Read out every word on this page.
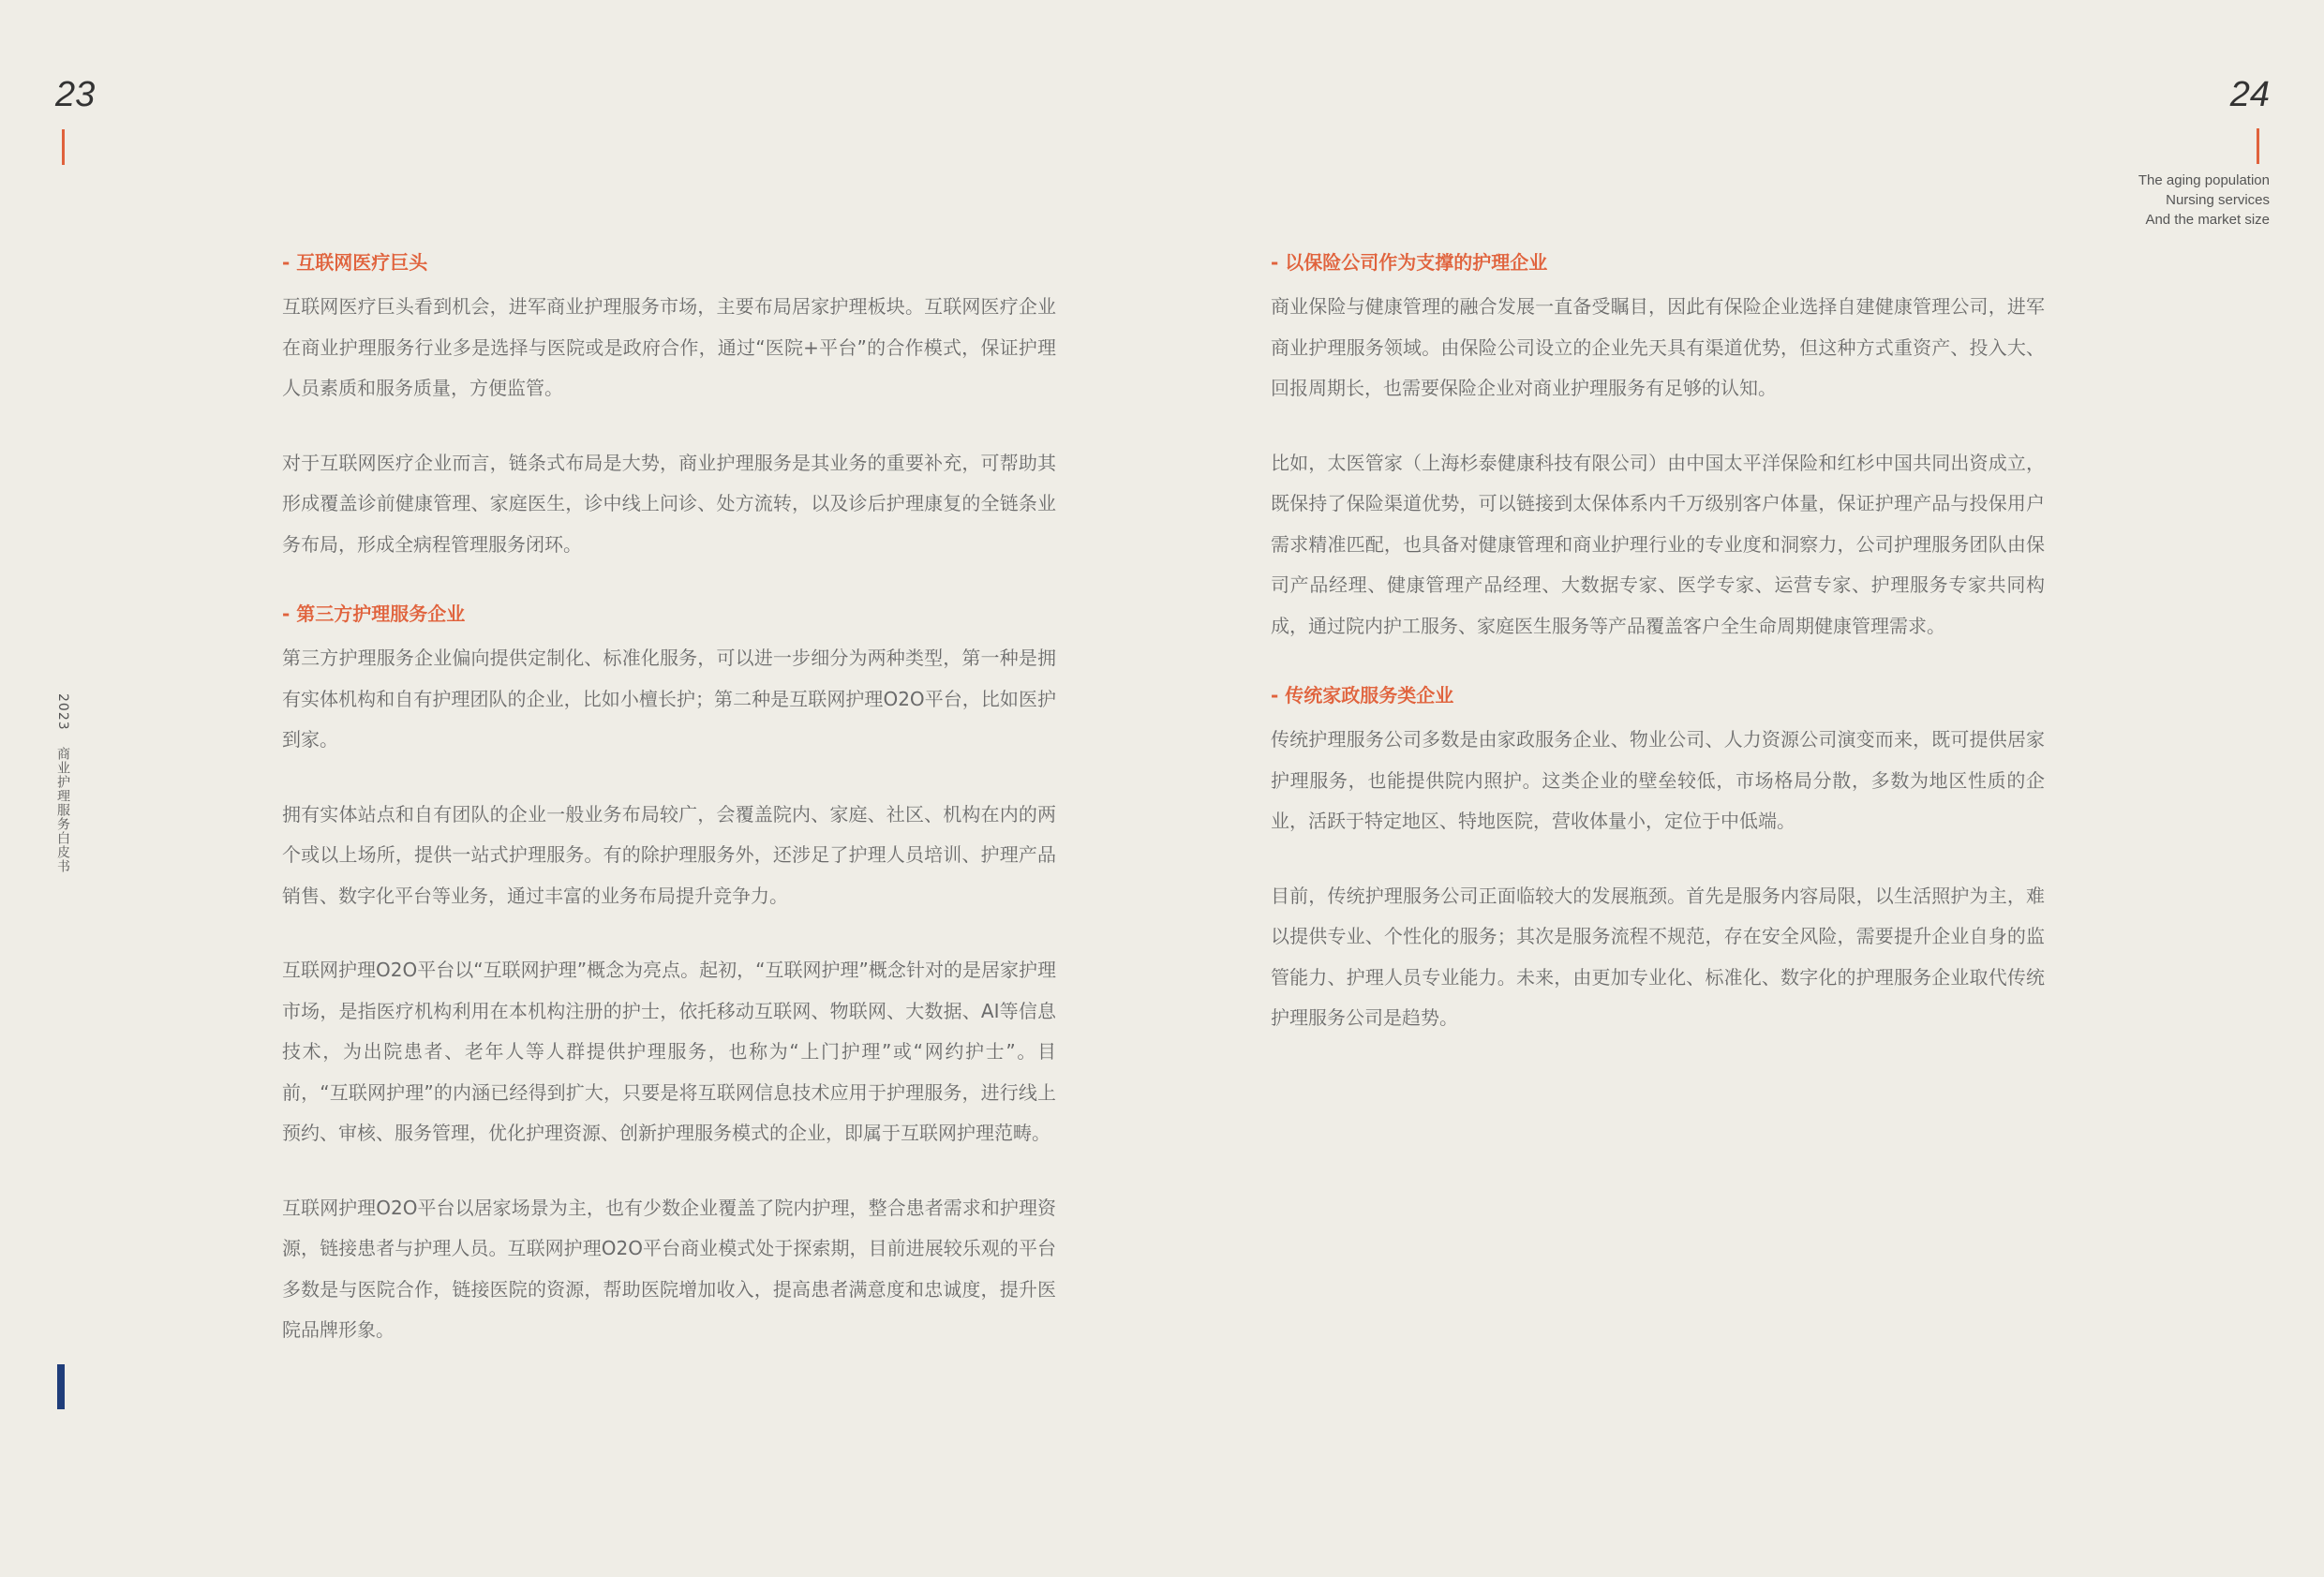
23	24
The aging population
Nursing services
And the market size
2023 商业护理服务白皮书
- 互联网医疗巨头

互联网医疗巨头看到机会，进军商业护理服务市场，主要布局居家护理板块。互联网医疗企业在商业护理服务行业多是选择与医院或是政府合作，通过“医院+平台”的合作模式，保证护理人员素质和服务质量，方便监管。

对于互联网医疗企业而言，链条式布局是大势，商业护理服务是其业务的重要补充，可帮助其形成覆盖诊前健康管理、家庭医生，诊中线上问诊、处方流转，以及诊后护理康复的全链条业务布局，形成全病程管理服务闭环。

- 第三方护理服务企业

第三方护理服务企业偏向提供定制化、标准化服务，可以进一步细分为两种类型，第一种是拥有实体机构和自有护理团队的企业，比如小檀长护；第二种是互联网护理O2O平台，比如医护到家。

拥有实体站点和自有团队的企业一般业务布局较广，会覆盖院内、家庭、社区、机构在内的两个或以上场所，提供一站式护理服务。有的除护理服务外，还涉足了护理人员培训、护理产品销售、数字化平台等业务，通过丰富的业务布局提升竞争力。

互联网护理O2O平台以“互联网护理”概念为亮点。起初，“互联网护理”概念针对的是居家护理市场，是指医疗机构利用在本机构注册的护士，依托移动互联网、物联网、大数据、AI等信息技术，为出院患者、老年人等人群提供护理服务，也称为“上门护理”或“网约护士”。目前，“互联网护理”的内涵已经得到扩大，只要是将互联网信息技术应用于护理服务，进行线上预约、审核、服务管理，优化护理资源、创新护理服务模式的企业，即属于互联网护理范畴。

互联网护理O2O平台以居家场景为主，也有少数企业覆盖了院内护理，整合患者需求和护理资源，链接患者与护理人员。互联网护理O2O平台商业模式处于探索期，目前进展较乐观的平台多数是与医院合作，链接医院的资源，帮助医院增加收入，提高患者满意度和忠诚度，提升医院品牌形象。

- 以保险公司作为支撑的护理企业

商业保险与健康管理的融合发展一直备受瞩目，因此有保险企业选择自建健康管理公司，进军商业护理服务领域。由保险公司设立的企业先天具有渠道优势，但这种方式重资产、投入大、回报周期长，也需要保险企业对商业护理服务有足够的认知。

比如，太医管家（上海杉泰健康科技有限公司）由中国太平洋保险和红杉中国共同出资成立，既保持了保险渠道优势，可以链接到太保体系内千万级别客户体量，保证护理产品与投保用户需求精准匹配，也具备对健康管理和商业护理行业的专业度和洞察力，公司护理服务团队由保司产品经理、健康管理产品经理、大数据专家、医学专家、运营专家、护理服务专家共同构成，通过院内护工服务、家庭医生服务等产品覆盖客户全生命周期健康管理需求。

- 传统家政服务类企业

传统护理服务公司多数是由家政服务企业、物业公司、人力资源公司演变而来，既可提供居家护理服务，也能提供院内照护。这类企业的壁垒较低，市场格局分散，多数为地区性质的企业，活跃于特定地区、特地医院，营收体量小，定位于中低端。

目前，传统护理服务公司正面临较大的发展瓶颈。首先是服务内容局限，以生活照护为主，难以提供专业、个性化的服务；其次是服务流程不规范，存在安全风险，需要提升企业自身的监管能力、护理人员专业能力。未来，由更加专业化、标准化、数字化的护理服务企业取代传统护理服务公司是趋势。
